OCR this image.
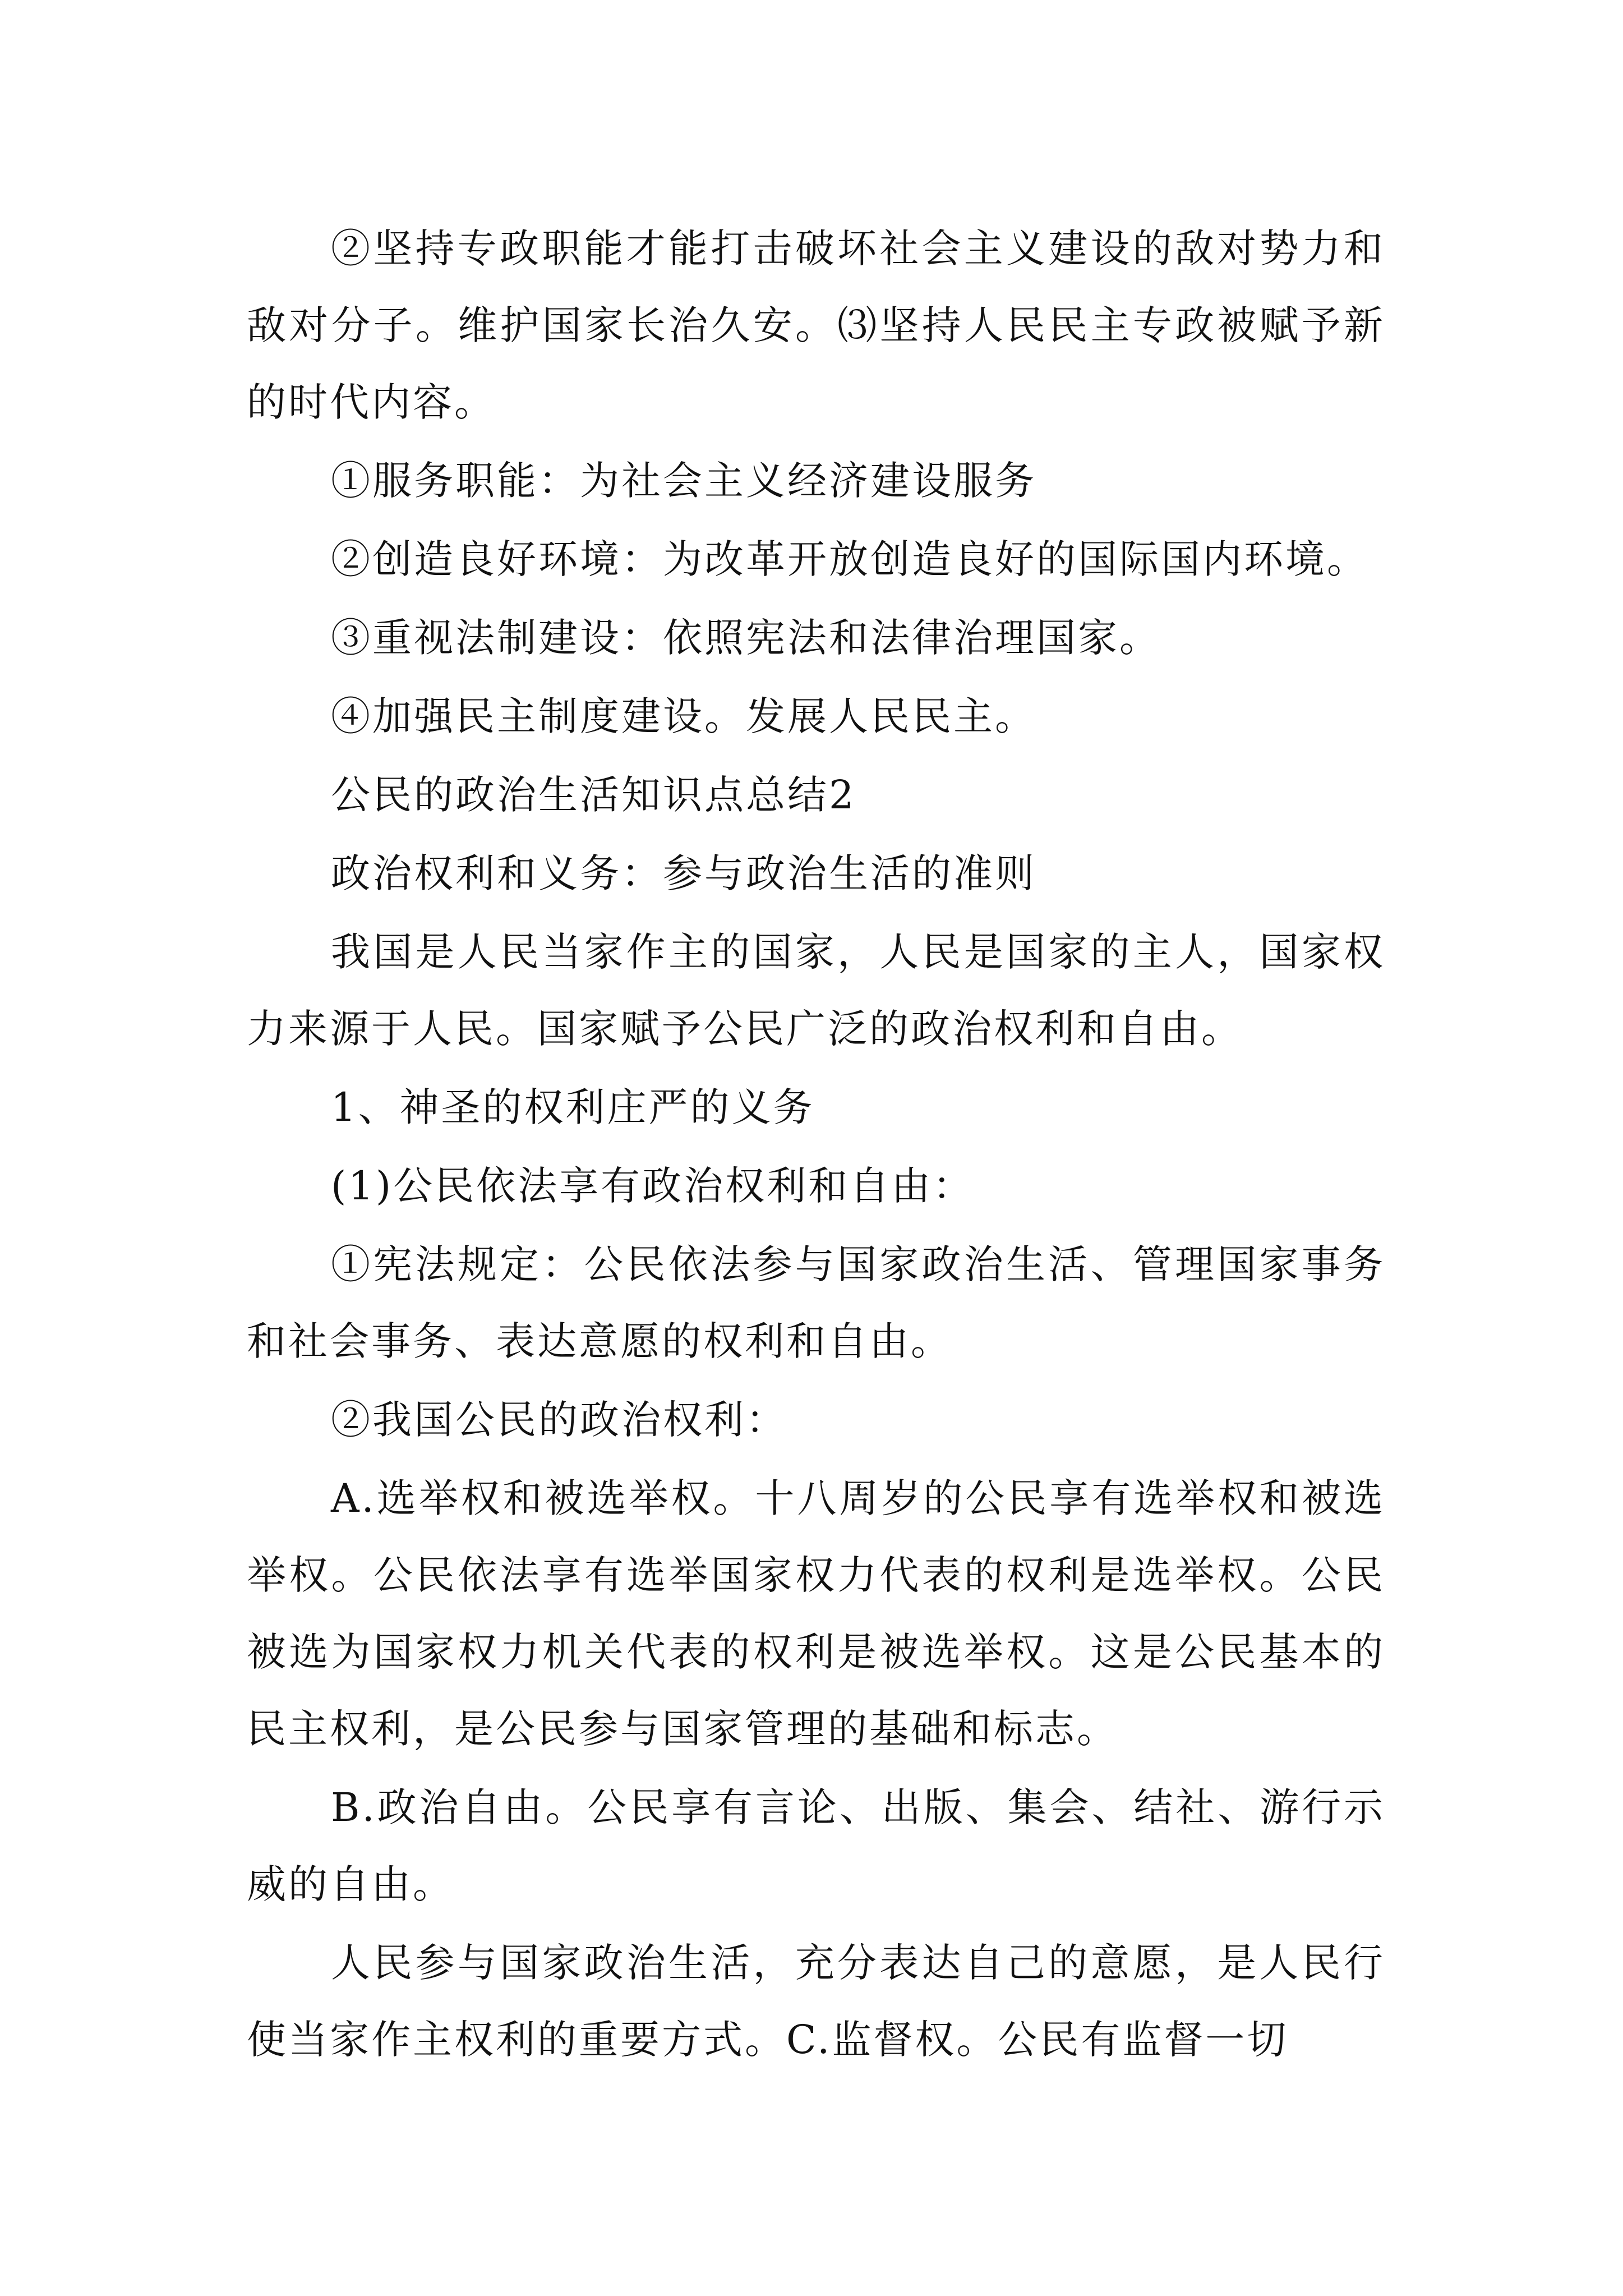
②坚持专政职能才能打击破坏社会主义建设的敌对势力和敌对分子。维护国家长治久安。⑶坚持人民民主专政被赋予新的时代内容。

①服务职能：为社会主义经济建设服务

②创造良好环境：为改革开放创造良好的国际国内环境。

③重视法制建设：依照宪法和法律治理国家。

④加强民主制度建设。发展人民民主。

公民的政治生活知识点总结2

政治权利和义务：参与政治生活的准则

我国是人民当家作主的国家，人民是国家的主人，国家权力来源于人民。国家赋予公民广泛的政治权利和自由。

1、神圣的权利庄严的义务

(1)公民依法享有政治权利和自由：

①宪法规定：公民依法参与国家政治生活、管理国家事务和社会事务、表达意愿的权利和自由。

②我国公民的政治权利：

A.选举权和被选举权。十八周岁的公民享有选举权和被选举权。公民依法享有选举国家权力代表的权利是选举权。公民被选为国家权力机关代表的权利是被选举权。这是公民基本的民主权利，是公民参与国家管理的基础和标志。

B.政治自由。公民享有言论、出版、集会、结社、游行示威的自由。

人民参与国家政治生活，充分表达自己的意愿，是人民行使当家作主权利的重要方式。C.监督权。公民有监督一切
